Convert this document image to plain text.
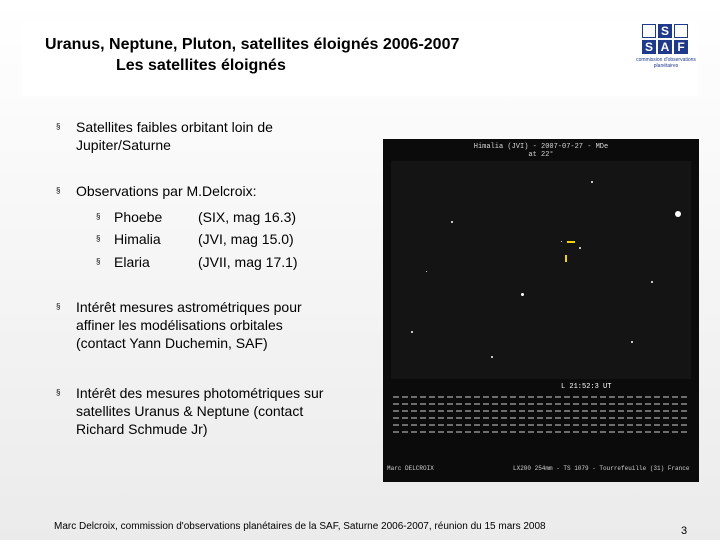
Uranus, Neptune, Pluton, satellites éloignés 2006-2007
Les satellites éloignés
S
S A F
commission d'observations
planétaires
§ Satellites faibles orbitant loin de
Jupiter/Saturne
§ Observations par M.Delcroix:
§ Phoebe	(SIX, mag 16.3)
§ Himalia	(JVI, mag 15.0)
§ Elaria	(JVII, mag 17.1)
§ Intérêt mesures astrométriques pour
affiner les modélisations orbitales
(contact Yann Duchemin, SAF)
§ Intérêt des mesures photométriques sur
satellites Uranus & Neptune (contact
Richard Schmude Jr)
Himalia (JVI) - 2007-07-27 - MDe
at 22°
L 21:52:3 UT
Marc DELCROIX	LX200 254mm - TS 1079 - Tourrefeuille (31) France
Marc Delcroix, commission d'observations planétaires de la SAF, Saturne 2006-2007, réunion du 15 mars 2008	3
